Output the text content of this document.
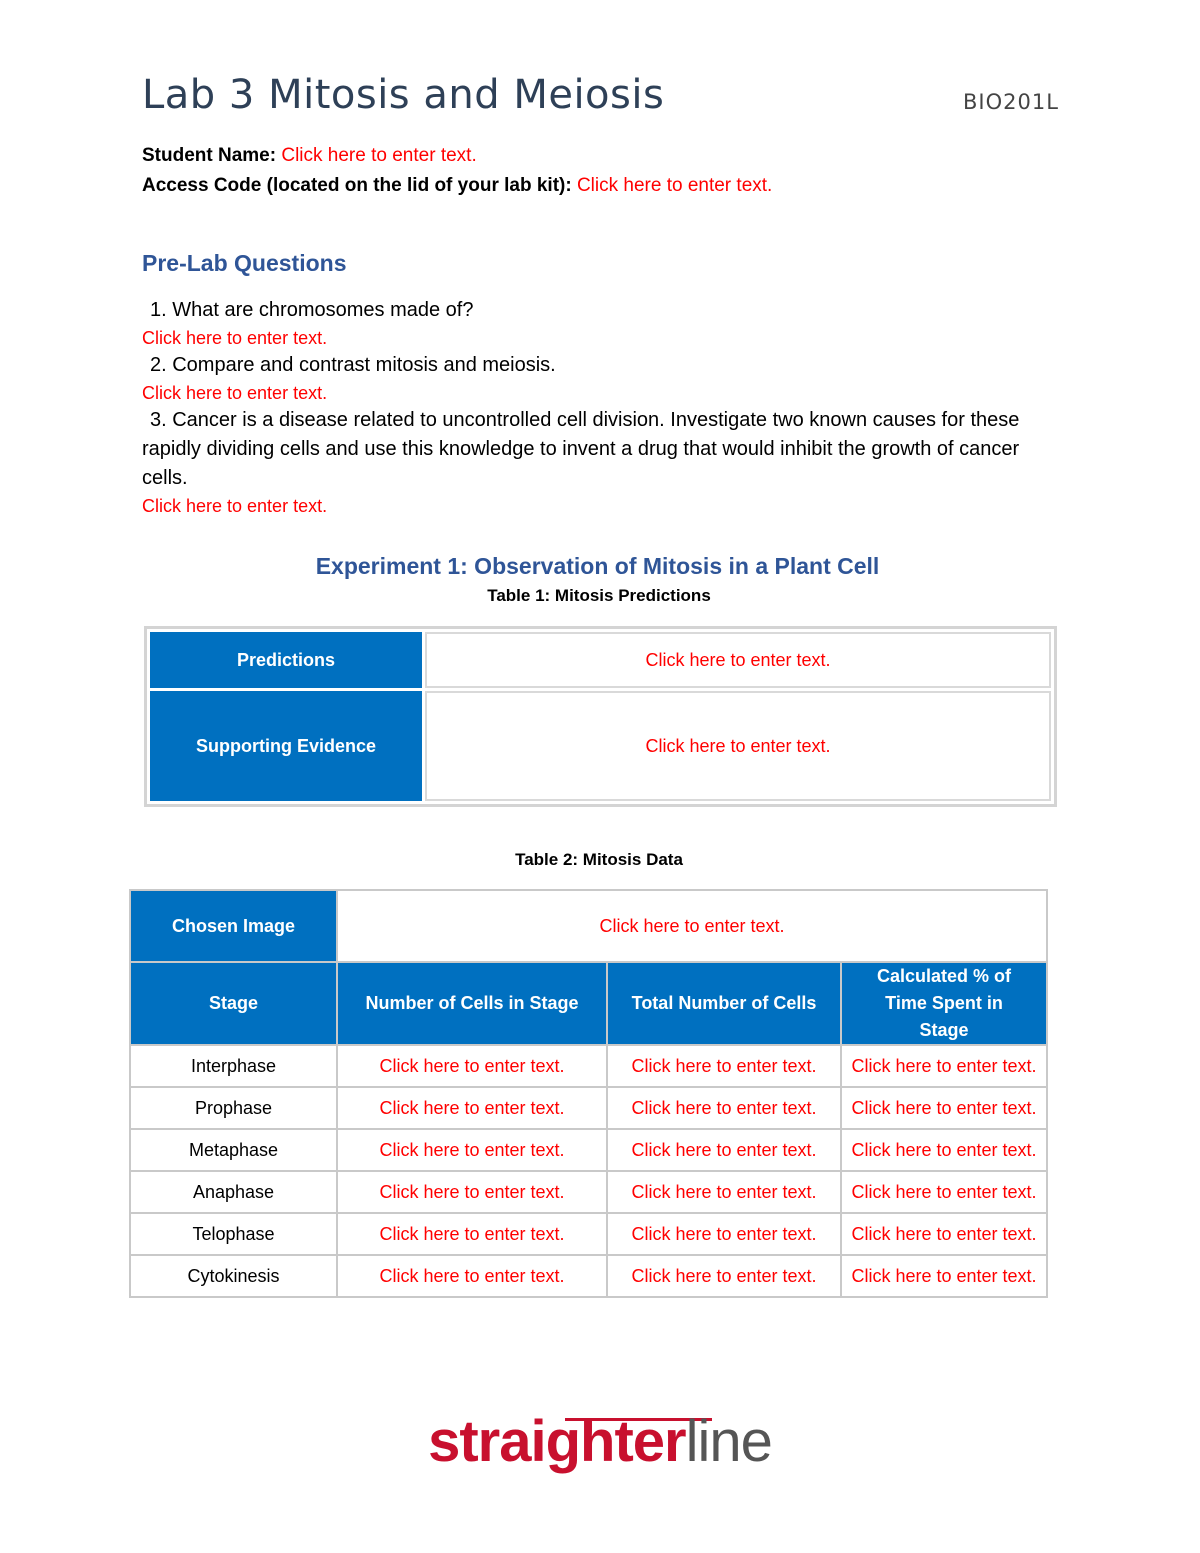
Lab 3 Mitosis and Meiosis	BIO201L
Student Name: Click here to enter text.
Access Code (located on the lid of your lab kit): Click here to enter text.
Pre-Lab Questions
1. What are chromosomes made of?
Click here to enter text.
2. Compare and contrast mitosis and meiosis.
Click here to enter text.
3. Cancer is a disease related to uncontrolled cell division. Investigate two known causes for these rapidly dividing cells and use this knowledge to invent a drug that would inhibit the growth of cancer cells.
Click here to enter text.
Experiment 1: Observation of Mitosis in a Plant Cell
Table 1: Mitosis Predictions
Predictions	Click here to enter text.
Supporting Evidence	Click here to enter text.
Table 2: Mitosis Data
Chosen Image	Click here to enter text.		
Stage	Number of Cells in Stage	Total Number of Cells	Calculated % of Time Spent in Stage
Interphase	Click here to enter text.	Click here to enter text.	Click here to enter text.
Prophase	Click here to enter text.	Click here to enter text.	Click here to enter text.
Metaphase	Click here to enter text.	Click here to enter text.	Click here to enter text.
Anaphase	Click here to enter text.	Click here to enter text.	Click here to enter text.
Telophase	Click here to enter text.	Click here to enter text.	Click here to enter text.
Cytokinesis	Click here to enter text.	Click here to enter text.	Click here to enter text.
straighterline
